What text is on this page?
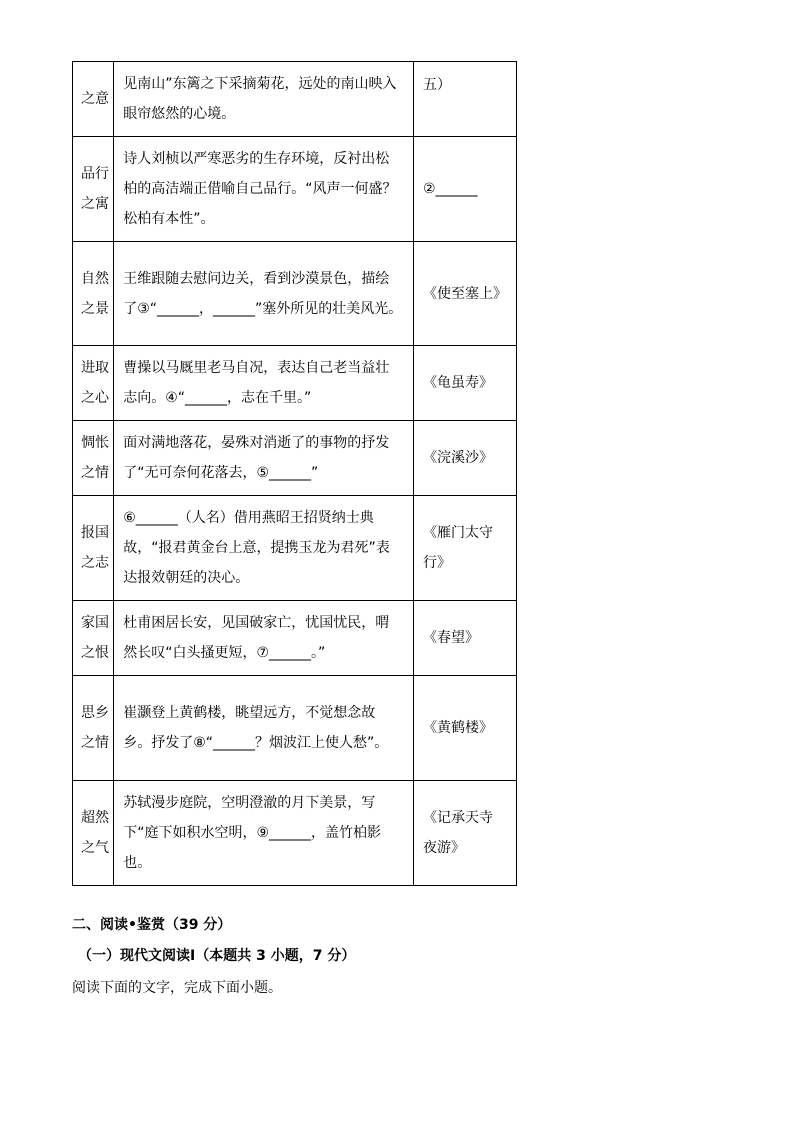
之意	见南山”东篱之下采摘菊花，远处的南山映入眼帘悠然的心境。	五）
品行之寓	诗人刘桢以严寒恶劣的生存环境，反衬出松柏的高洁端正借喻自己品行。“风声一何盛？松柏有本性”。	②______
自然之景	王维跟随去慰问边关，看到沙漠景色，描绘了③“______，______”塞外所见的壮美风光。	《使至塞上》
进取之心	曹操以马厩里老马自况，表达自己老当益壮志向。④“______，志在千里。”	《龟虽寿》
惆怅之情	面对满地落花，晏殊对消逝了的事物的抒发了“无可奈何花落去，⑤______”	《浣溪沙》
报国之志	⑥______（人名）借用燕昭王招贤纳士典故，“报君黄金台上意，提携玉龙为君死”表达报效朝廷的决心。	《雁门太守行》
家国之恨	杜甫困居长安，见国破家亡，忧国忧民，喟然长叹“白头搔更短，⑦______。”	《春望》
思乡之情	崔灏登上黄鹤楼，眺望远方，不觉想念故乡。抒发了⑧“______？烟波江上使人愁”。	《黄鹤楼》
超然之气	苏轼漫步庭院，空明澄澈的月下美景，写下“庭下如积水空明，⑨______，盖竹柏影也。	《记承天寺夜游》
二、阅读•鉴赏（39 分）
（一）现代文阅读Ⅰ（本题共 3 小题，7 分）
阅读下面的文字，完成下面小题。
